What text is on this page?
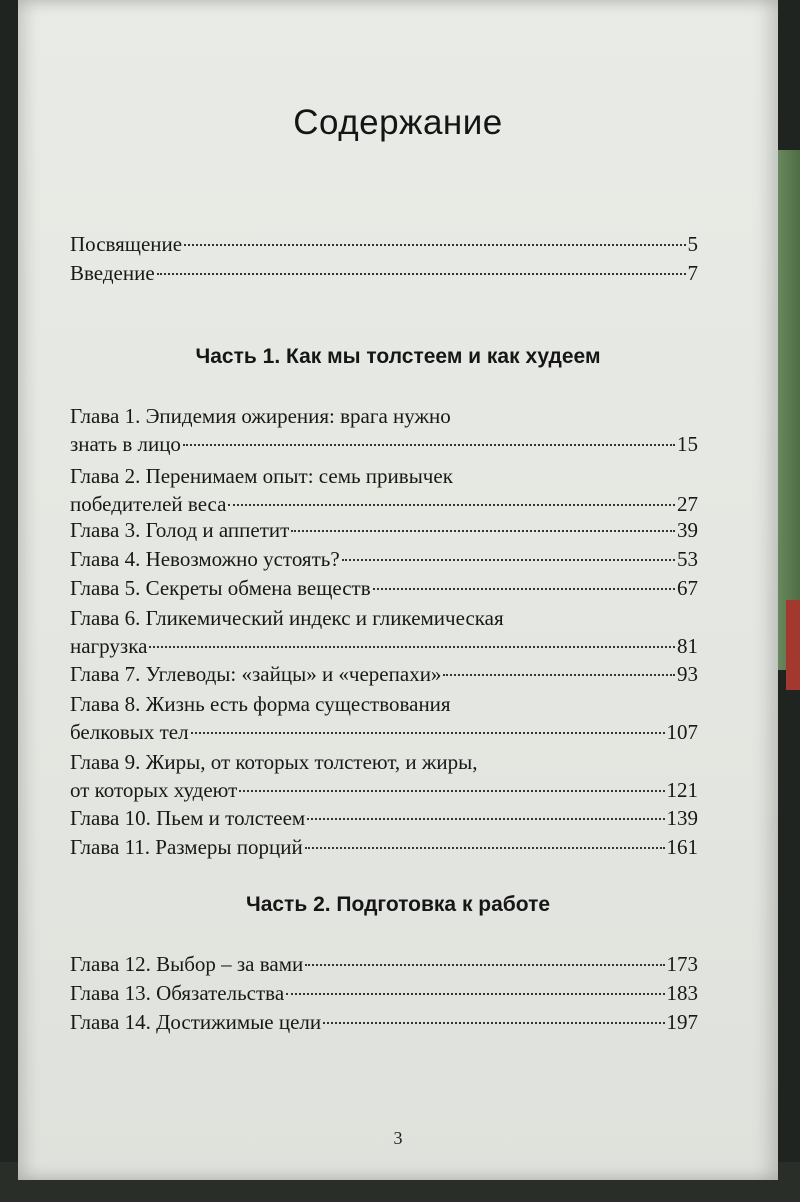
Содержание
Посвящение	5
Введение	7
Часть 1. Как мы толстеем и как худеем
Глава 1. Эпидемия ожирения: врага нужно
знать в лицо	15
Глава 2. Перенимаем опыт: семь привычек
победителей веса	27
Глава 3. Голод и аппетит	39
Глава 4. Невозможно устоять?	53
Глава 5. Секреты обмена веществ	67
Глава 6. Гликемический индекс и гликемическая
нагрузка	81
Глава 7. Углеводы: «зайцы» и «черепахи»	93
Глава 8. Жизнь есть форма существования
белковых тел	107
Глава 9. Жиры, от которых толстеют, и жиры,
от которых худеют	121
Глава 10. Пьем и толстеем	139
Глава 11. Размеры порций	161
Часть 2. Подготовка к работе
Глава 12. Выбор – за вами	173
Глава 13. Обязательства	183
Глава 14. Достижимые цели	197
3
